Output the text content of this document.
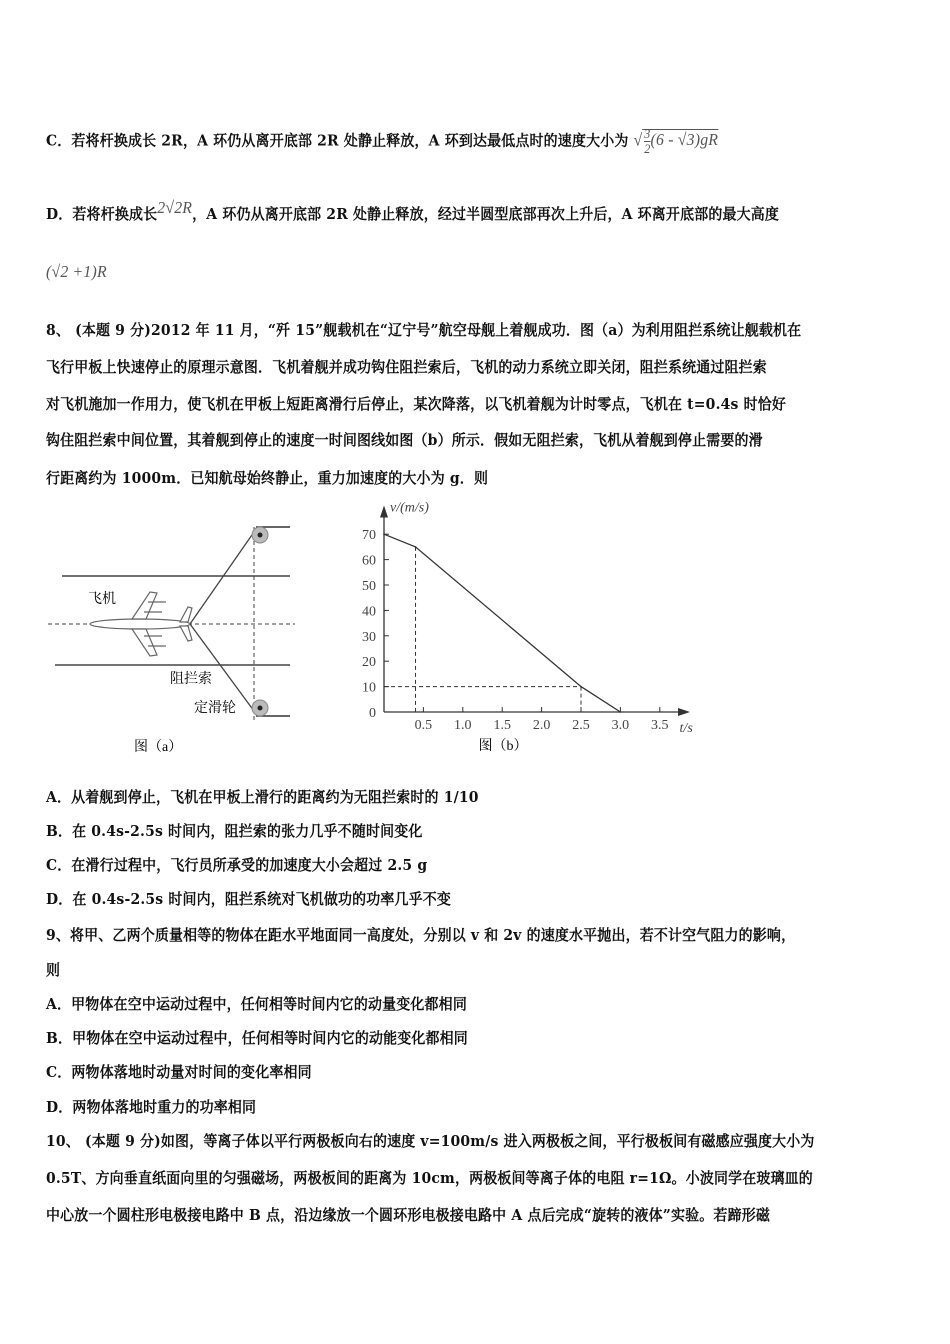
C．若将杆换成长 2R，A 环仍从离开底部 2R 处静止释放，A 环到达最低点时的速度大小为 √ $\frac{3}{2} (6 - √3)gR$
D．若将杆换成长$^{2√2R}$，A 环仍从离开底部 2R 处静止释放，经过半圆型底部再次上升后，A 环离开底部的最大高度
(√2 +1)R
8、 (本题 9 分)2012 年 11 月，“歼 15”舰载机在“辽宁号”航空母舰上着舰成功．图（a）为利用阻拦系统让舰载机在
飞行甲板上快速停止的原理示意图．飞机着舰并成功钩住阻拦索后，飞机的动力系统立即关闭，阻拦系统通过阻拦索
对飞机施加一作用力，使飞机在甲板上短距离滑行后停止，某次降落，以飞机着舰为计时零点，飞机在 t=0.4s 时恰好
钩住阻拦索中间位置，其着舰到停止的速度一时间图线如图（b）所示．假如无阻拦索，飞机从着舰到停止需要的滑
行距离约为 1000m．已知航母始终静止，重力加速度的大小为 g．则
飞机
阻拦索
定滑轮
图（a）
0.5 1.0 1.5 2.0 2.5 3.0 3.5
0
10
20
30
40
50
60
70
t/s
v/(m/s)
图（b）
A．从着舰到停止，飞机在甲板上滑行的距离约为无阻拦索时的 1/10
B．在 0.4s-2.5s 时间内，阻拦索的张力几乎不随时间变化
C．在滑行过程中，飞行员所承受的加速度大小会超过 2.5 g
D．在 0.4s-2.5s 时间内，阻拦系统对飞机做功的功率几乎不变
9、将甲、乙两个质量相等的物体在距水平地面同一高度处，分别以 v 和 2v 的速度水平抛出，若不计空气阻力的影响，
则
A．甲物体在空中运动过程中，任何相等时间内它的动量变化都相同
B．甲物体在空中运动过程中，任何相等时间内它的动能变化都相同
C．两物体落地时动量对时间的变化率相同
D．两物体落地时重力的功率相同
10、 (本题 9 分)如图，等离子体以平行两极板向右的速度 v=100m/s 进入两极板之间，平行极板间有磁感应强度大小为
0.5T、方向垂直纸面向里的匀强磁场，两极板间的距离为 10cm，两极板间等离子体的电阻 r=1Ω。小波同学在玻璃皿的
中心放一个圆柱形电极接电路中 B 点，沿边缘放一个圆环形电极接电路中 A 点后完成“旋转的液体”实验。若蹄形磁
